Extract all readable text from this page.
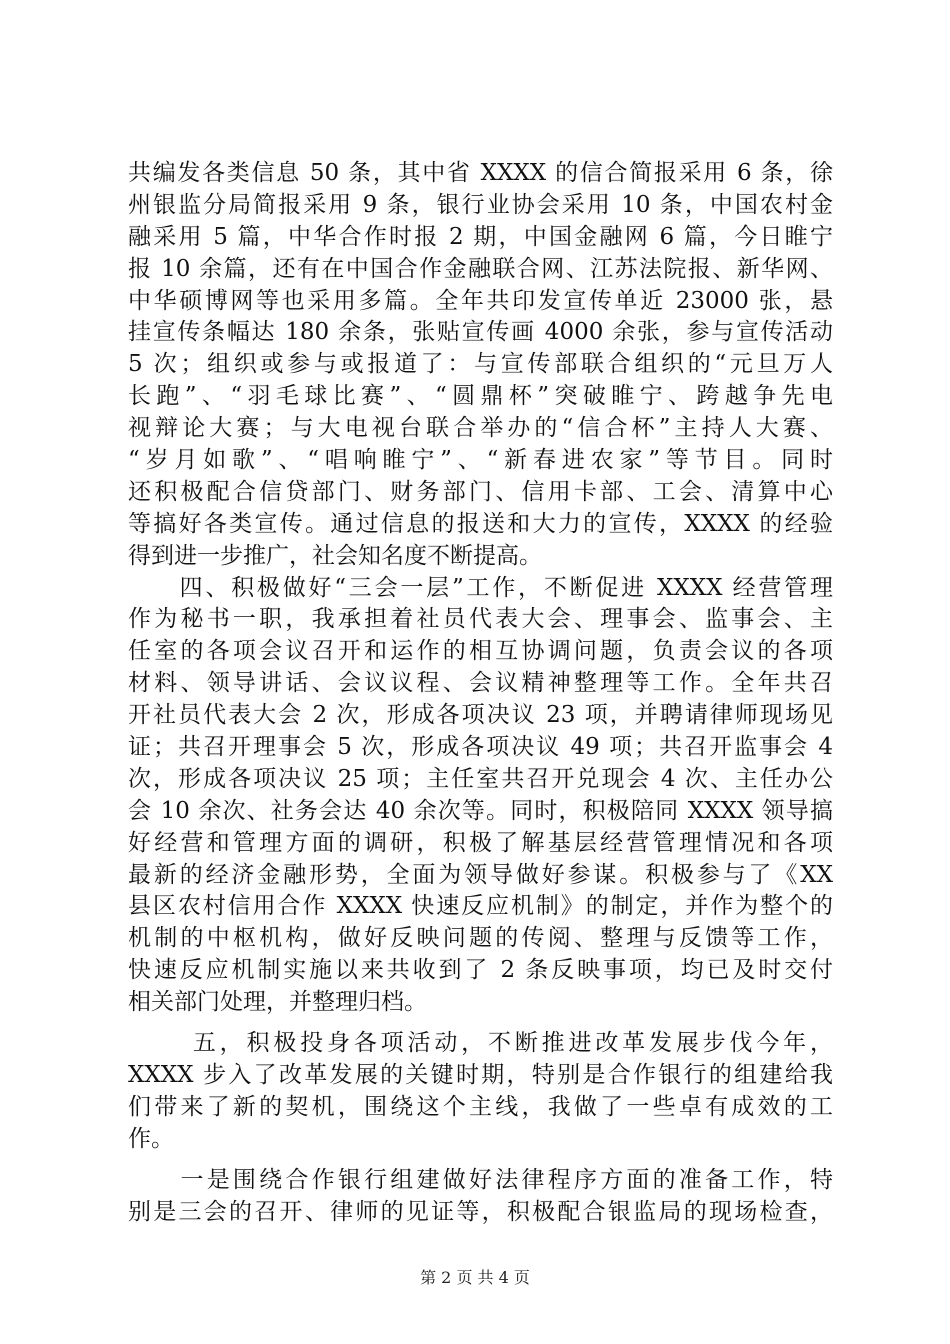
共编发各类信息 50 条，其中省 XXXX 的信合简报采用 6 条，徐
州银监分局简报采用 9 条，银行业协会采用 10 条，中国农村金
融采用 5 篇，中华合作时报 2 期，中国金融网 6 篇，今日睢宁
报 10 余篇，还有在中国合作金融联合网、江苏法院报、新华网、
中华硕博网等也采用多篇。全年共印发宣传单近 23000 张，悬
挂宣传条幅达 180 余条，张贴宣传画 4000 余张，参与宣传活动
5 次；组织或参与或报道了：与宣传部联合组织的“元旦万人
长跑”、“羽毛球比赛”、“圆鼎杯”突破睢宁、跨越争先电
视辩论大赛；与大电视台联合举办的“信合杯”主持人大赛、
“岁月如歌”、“唱响睢宁”、“新春进农家”等节目。同时
还积极配合信贷部门、财务部门、信用卡部、工会、清算中心
等搞好各类宣传。通过信息的报送和大力的宣传，XXXX 的经验
得到进一步推广，社会知名度不断提高。
　　四、积极做好“三会一层”工作，不断促进 XXXX 经营管理
作为秘书一职，我承担着社员代表大会、理事会、监事会、主
任室的各项会议召开和运作的相互协调问题，负责会议的各项
材料、领导讲话、会议议程、会议精神整理等工作。全年共召
开社员代表大会 2 次，形成各项决议 23 项，并聘请律师现场见
证；共召开理事会 5 次，形成各项决议 49 项；共召开监事会 4
次，形成各项决议 25 项；主任室共召开兑现会 4 次、主任办公
会 10 余次、社务会达 40 余次等。同时，积极陪同 XXXX 领导搞
好经营和管理方面的调研，积极了解基层经营管理情况和各项
最新的经济金融形势，全面为领导做好参谋。积极参与了《XX
县区农村信用合作 XXXX 快速反应机制》的制定，并作为整个的
机制的中枢机构，做好反映问题的传阅、整理与反馈等工作，
快速反应机制实施以来共收到了 2 条反映事项，均已及时交付
相关部门处理，并整理归档。
　　 五，积极投身各项活动，不断推进改革发展步伐今年，
XXXX 步入了改革发展的关键时期，特别是合作银行的组建给我
们带来了新的契机，围绕这个主线，我做了一些卓有成效的工
作。
　　一是围绕合作银行组建做好法律程序方面的准备工作，特
别是三会的召开、律师的见证等，积极配合银监局的现场检查，
第 2 页 共 4 页
